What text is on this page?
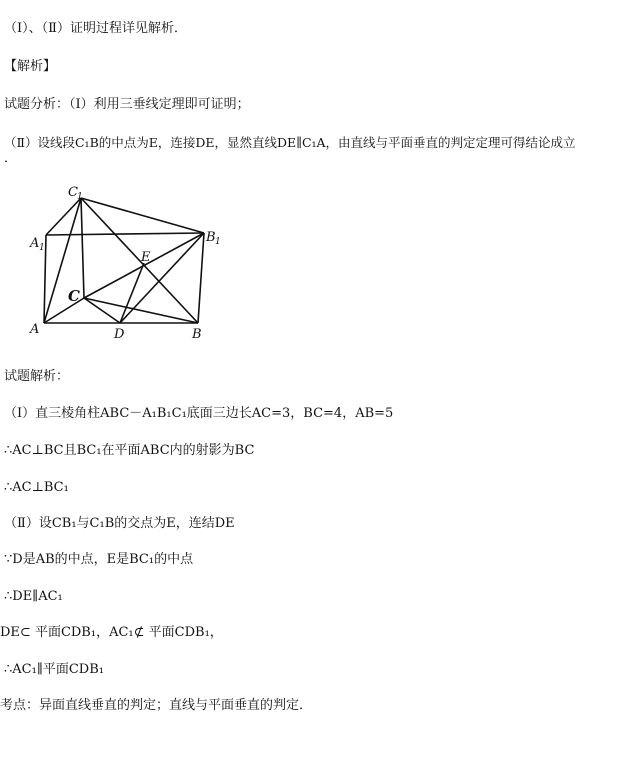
（Ⅰ）、（Ⅱ）证明过程详见解析．
【解析】
试题分析：（Ⅰ）利用三垂线定理即可证明；
（Ⅱ）设线段C₁B的中点为E，连接DE，显然直线DE∥C₁A，由直线与平面垂直的判定定理可得结论成立
．
C 1
A 1
B 1
E
C
A	D	B
试题解析：
（Ⅰ）直三棱角柱ABC－A₁B₁C₁底面三边长AC=3，BC=4，AB=5
∴AC⊥BC且BC₁在平面ABC内的射影为BC
∴AC⊥BC₁
（Ⅱ）设CB₁与C₁B的交点为E，连结DE
∵D是AB的中点，E是BC₁的中点
∴DE∥AC₁
DE⊂ 平面CDB₁，AC₁⊄ 平面CDB₁，
∴AC₁∥平面CDB₁
考点：异面直线垂直的判定；直线与平面垂直的判定．
